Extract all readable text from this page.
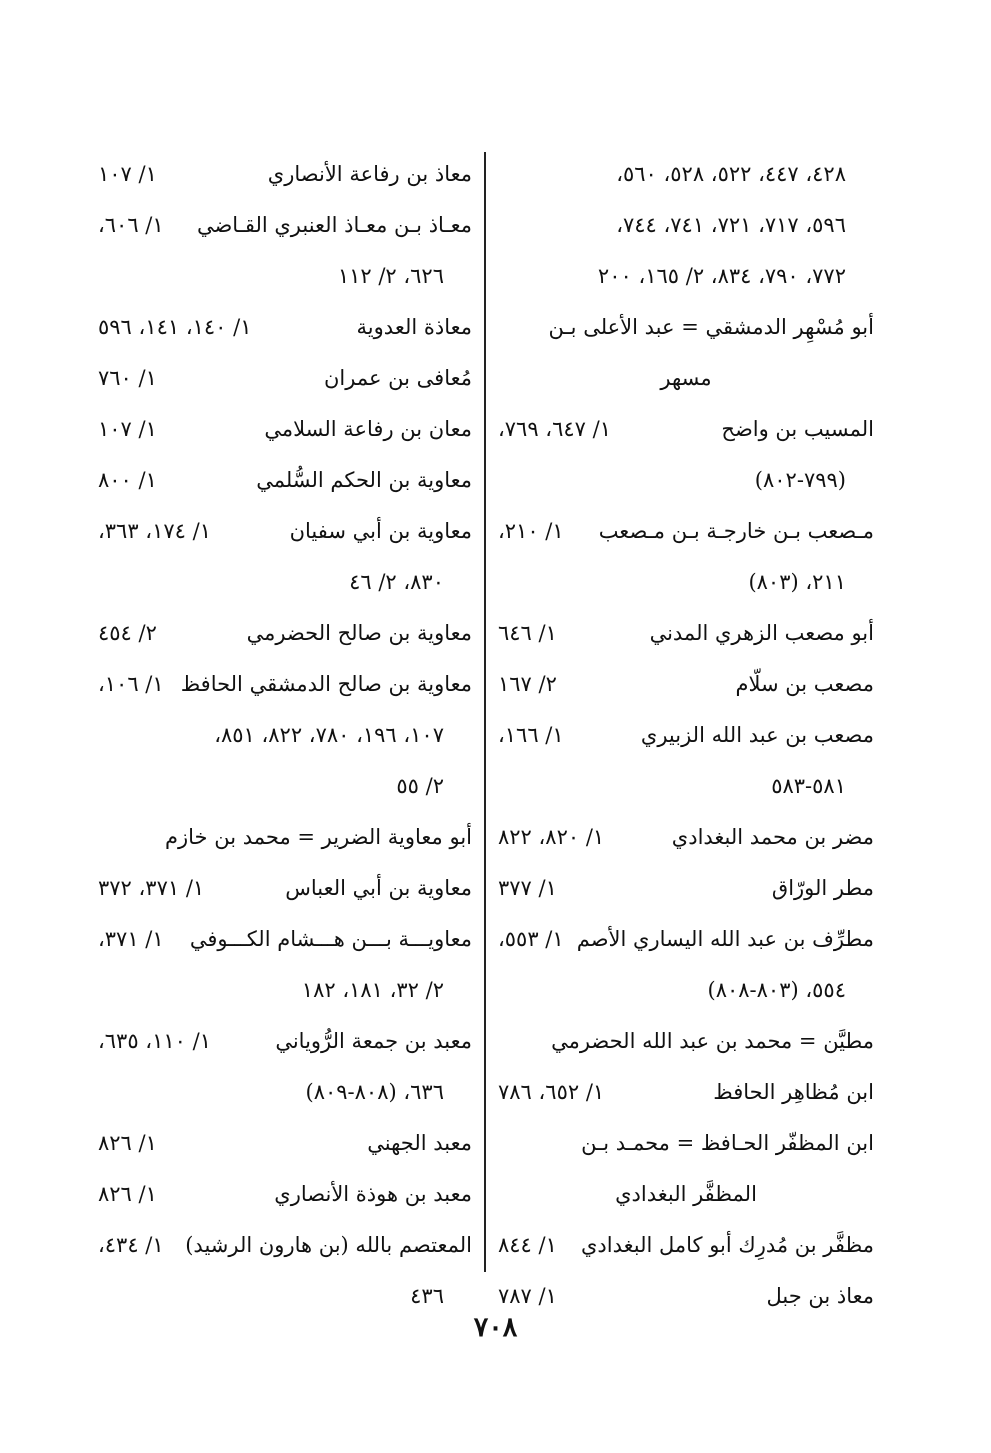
٤٢٨، ٤٤٧، ٥٢٢، ٥٢٨، ٥٦٠،
٥٩٦، ٧١٧، ٧٢١، ٧٤١، ٧٤٤،
٧٧٢، ٧٩٠، ٨٣٤، ٢/ ١٦٥، ٢٠٠
أبو مُسْهِر الدمشقي = عبد الأعلى بـن
مسهر
المسيب بن واضح
١/ ٦٤٧، ٧٦٩،
(٧٩٩-٨٠٢)
مـصعب بـن خارجـة بـن مـصعب
١/ ٢١٠،
٢١١، (٨٠٣)
أبو مصعب الزهري المدني
١/ ٦٤٦
مصعب بن سلّام
٢/ ١٦٧
مصعب بن عبد الله الزبيري
١/ ١٦٦،
٥٨١-٥٨٣
مضر بن محمد البغدادي
١/ ٨٢٠، ٨٢٢
مطر الورّاق
١/ ٣٧٧
مطرِّف بن عبد الله اليساري الأصم
١/ ٥٥٣،
٥٥٤، (٨٠٣-٨٠٨)
مطيَّن = محمد بن عبد الله الحضرمي
ابن مُظاهِر الحافظ
١/ ٦٥٢، ٧٨٦
ابن المظفّر الحـافظ = محمـد بـن
المظفَّر البغدادي
مظفَّر بن مُدرِك أبو كامل البغدادي
١/ ٨٤٤
معاذ بن جبل
١/ ٧٨٧
معاذ بن رفاعة الأنصاري
١/ ١٠٧
معـاذ بـن معـاذ العنبري القـاضي
١/ ٦٠٦،
٦٢٦، ٢/ ١١٢
معاذة العدوية
١/ ١٤٠، ١٤١، ٥٩٦
مُعافى بن عمران
١/ ٧٦٠
معان بن رفاعة السلامي
١/ ١٠٧
معاوية بن الحكم السُّلمي
١/ ٨٠٠
معاوية بن أبي سفيان
١/ ١٧٤، ٣٦٣،
٨٣٠، ٢/ ٤٦
معاوية بن صالح الحضرمي
٢/ ٤٥٤
معاوية بن صالح الدمشقي الحافظ
١/ ١٠٦،
١٠٧، ١٩٦، ٧٨٠، ٨٢٢، ٨٥١،
٢/ ٥٥
أبو معاوية الضرير = محمد بن خازم
معاوية بن أبي العباس
١/ ٣٧١، ٣٧٢
معاويـــة بـــن هـــشام الكـــوفي
١/ ٣٧١،
٢/ ٣٢، ١٨١، ١٨٢
معبد بن جمعة الرُّوياني
١/ ١١٠، ٦٣٥،
٦٣٦، (٨٠٨-٨٠٩)
معبد الجهني
١/ ٨٢٦
معبد بن هوذة الأنصاري
١/ ٨٢٦
المعتصم بالله (بن هارون الرشيد)
١/ ٤٣٤،
٤٣٦
٧٠٨
